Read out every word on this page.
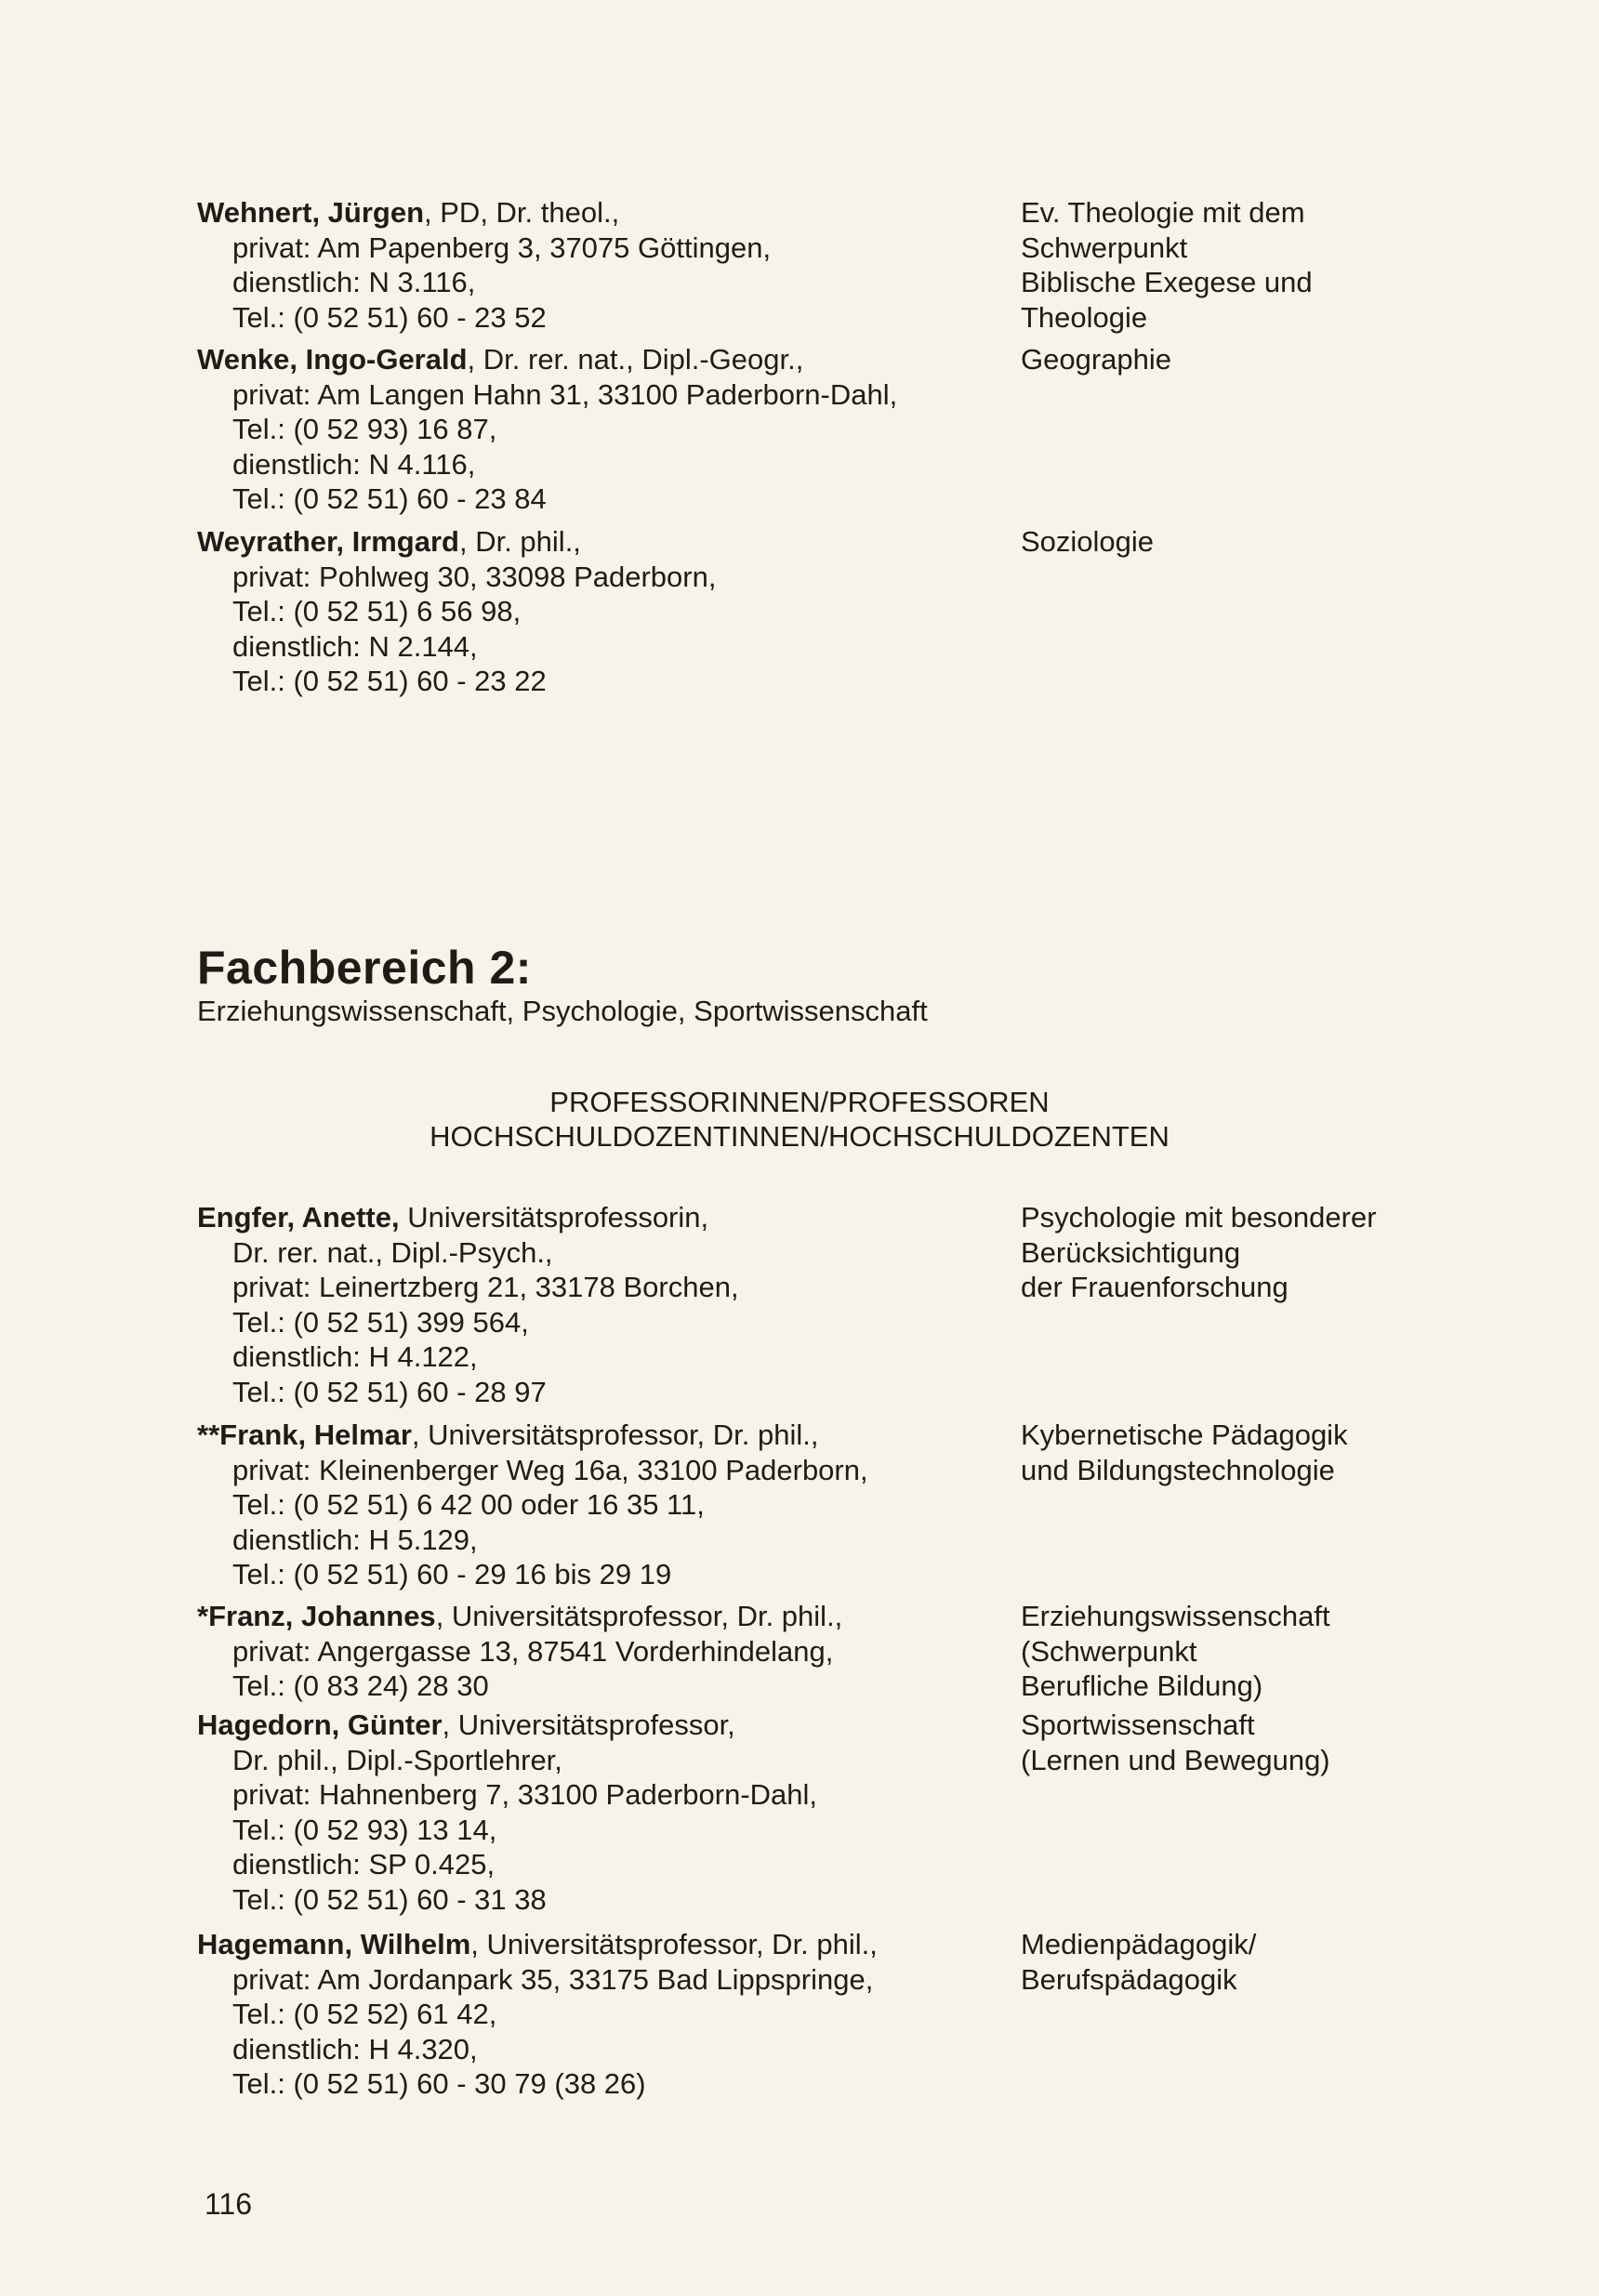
Wehnert, Jürgen, PD, Dr. theol.,
privat: Am Papenberg 3, 37075 Göttingen,
dienstlich: N 3.116,
Tel.: (0 52 51) 60 - 23 52
Ev. Theologie mit dem
Schwerpunkt
Biblische Exegese und
Theologie
Wenke, Ingo-Gerald, Dr. rer. nat., Dipl.-Geogr.,
privat: Am Langen Hahn 31, 33100 Paderborn-Dahl,
Tel.: (0 52 93) 16 87,
dienstlich: N 4.116,
Tel.: (0 52 51) 60 - 23 84
Geographie
Weyrather, Irmgard, Dr. phil.,
privat: Pohlweg 30, 33098 Paderborn,
Tel.: (0 52 51) 6 56 98,
dienstlich: N 2.144,
Tel.: (0 52 51) 60 - 23 22
Soziologie
Fachbereich 2:
Erziehungswissenschaft, Psychologie, Sportwissenschaft
PROFESSORINNEN/PROFESSOREN
HOCHSCHULDOZENTINNEN/HOCHSCHULDOZENTEN
Engfer, Anette, Universitätsprofessorin,
Dr. rer. nat., Dipl.-Psych.,
privat: Leinertzberg 21, 33178 Borchen,
Tel.: (0 52 51) 399 564,
dienstlich: H 4.122,
Tel.: (0 52 51) 60 - 28 97
Psychologie mit besonderer
Berücksichtigung
der Frauenforschung
**Frank, Helmar, Universitätsprofessor, Dr. phil.,
privat: Kleinenberger Weg 16a, 33100 Paderborn,
Tel.: (0 52 51) 6 42 00 oder 16 35 11,
dienstlich: H 5.129,
Tel.: (0 52 51) 60 - 29 16 bis 29 19
Kybernetische Pädagogik
und Bildungstechnologie
*Franz, Johannes, Universitätsprofessor, Dr. phil.,
privat: Angergasse 13, 87541 Vorderhindelang,
Tel.: (0 83 24) 28 30
Erziehungswissenschaft
(Schwerpunkt
Berufliche Bildung)
Hagedorn, Günter, Universitätsprofessor,
Dr. phil., Dipl.-Sportlehrer,
privat: Hahnenberg 7, 33100 Paderborn-Dahl,
Tel.: (0 52 93) 13 14,
dienstlich: SP 0.425,
Tel.: (0 52 51) 60 - 31 38
Sportwissenschaft
(Lernen und Bewegung)
Hagemann, Wilhelm, Universitätsprofessor, Dr. phil.,
privat: Am Jordanpark 35, 33175 Bad Lippspringe,
Tel.: (0 52 52) 61 42,
dienstlich: H 4.320,
Tel.: (0 52 51) 60 - 30 79 (38 26)
Medienpädagogik/
Berufspädagogik
116
